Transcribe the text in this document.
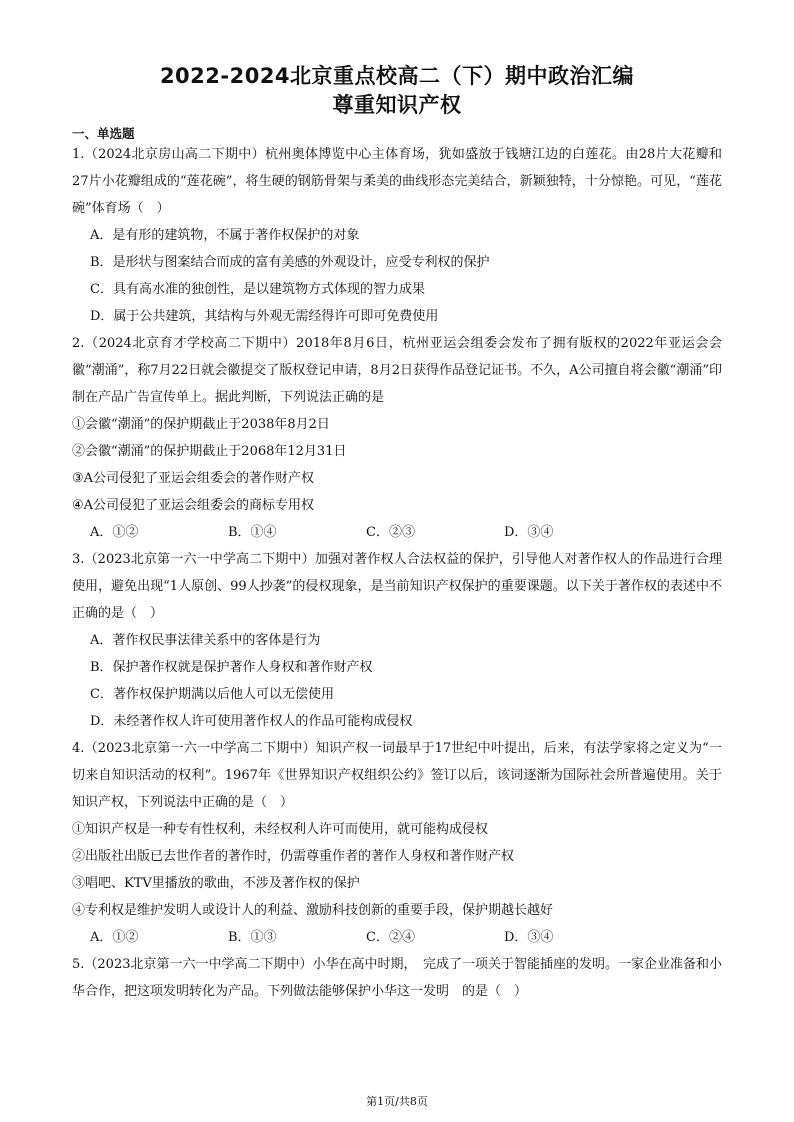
2022-2024北京重点校高二（下）期中政治汇编
尊重知识产权
一、单选题
1.（2024北京房山高二下期中）杭州奥体博览中心主体育场，犹如盛放于钱塘江边的白莲花。由28片大花瓣和27片小花瓣组成的“莲花碗”，将生硬的钢筋骨架与柔美的曲线形态完美结合，新颖独特，十分惊艳。可见，“莲花碗”体育场（　）
A．是有形的建筑物，不属于著作权保护的对象
B．是形状与图案结合而成的富有美感的外观设计，应受专利权的保护
C．具有高水准的独创性，是以建筑物方式体现的智力成果
D．属于公共建筑，其结构与外观无需经得许可即可免费使用
2.（2024北京育才学校高二下期中）2018年8月6日，杭州亚运会组委会发布了拥有版权的2022年亚运会会徽“潮涌”，称7月22日就会徽提交了版权登记申请，8月2日获得作品登记证书。不久，A公司擅自将会徽“潮涌”印制在产品广告宣传单上。据此判断，下列说法正确的是
①会徽“潮涌”的保护期截止于2038年8月2日
②会徽“潮涌”的保护期截止于2068年12月31日
③A公司侵犯了亚运会组委会的著作财产权
④A公司侵犯了亚运会组委会的商标专用权
A．①②	B．①④	C．②③	D．③④
3.（2023北京第一六一中学高二下期中）加强对著作权人合法权益的保护，引导他人对著作权人的作品进行合理使用，避免出现“1人原创、99人抄袭”的侵权现象，是当前知识产权保护的重要课题。以下关于著作权的表述中不正确的是（　）
A．著作权民事法律关系中的客体是行为
B．保护著作权就是保护著作人身权和著作财产权
C．著作权保护期满以后他人可以无偿使用
D．未经著作权人许可使用著作权人的作品可能构成侵权
4.（2023北京第一六一中学高二下期中）知识产权一词最早于17世纪中叶提出，后来，有法学家将之定义为“一切来自知识活动的权利”。1967年《世界知识产权组织公约》签订以后，该词逐渐为国际社会所普遍使用。关于知识产权，下列说法中正确的是（　）
①知识产权是一种专有性权利，未经权利人许可而使用，就可能构成侵权
②出版社出版已去世作者的著作时，仍需尊重作者的著作人身权和著作财产权
③唱吧、KTV里播放的歌曲，不涉及著作权的保护
④专利权是维护发明人或设计人的利益、激励科技创新的重要手段，保护期越长越好
A．①②	B．①③	C．②④	D．③④
5.（2023北京第一六一中学高二下期中）小华在高中时期，　完成了一项关于智能插座的发明。一家企业准备和小华合作，把这项发明转化为产品。下列做法能够保护小华这一发明　的是（　）
第1页/共8页
